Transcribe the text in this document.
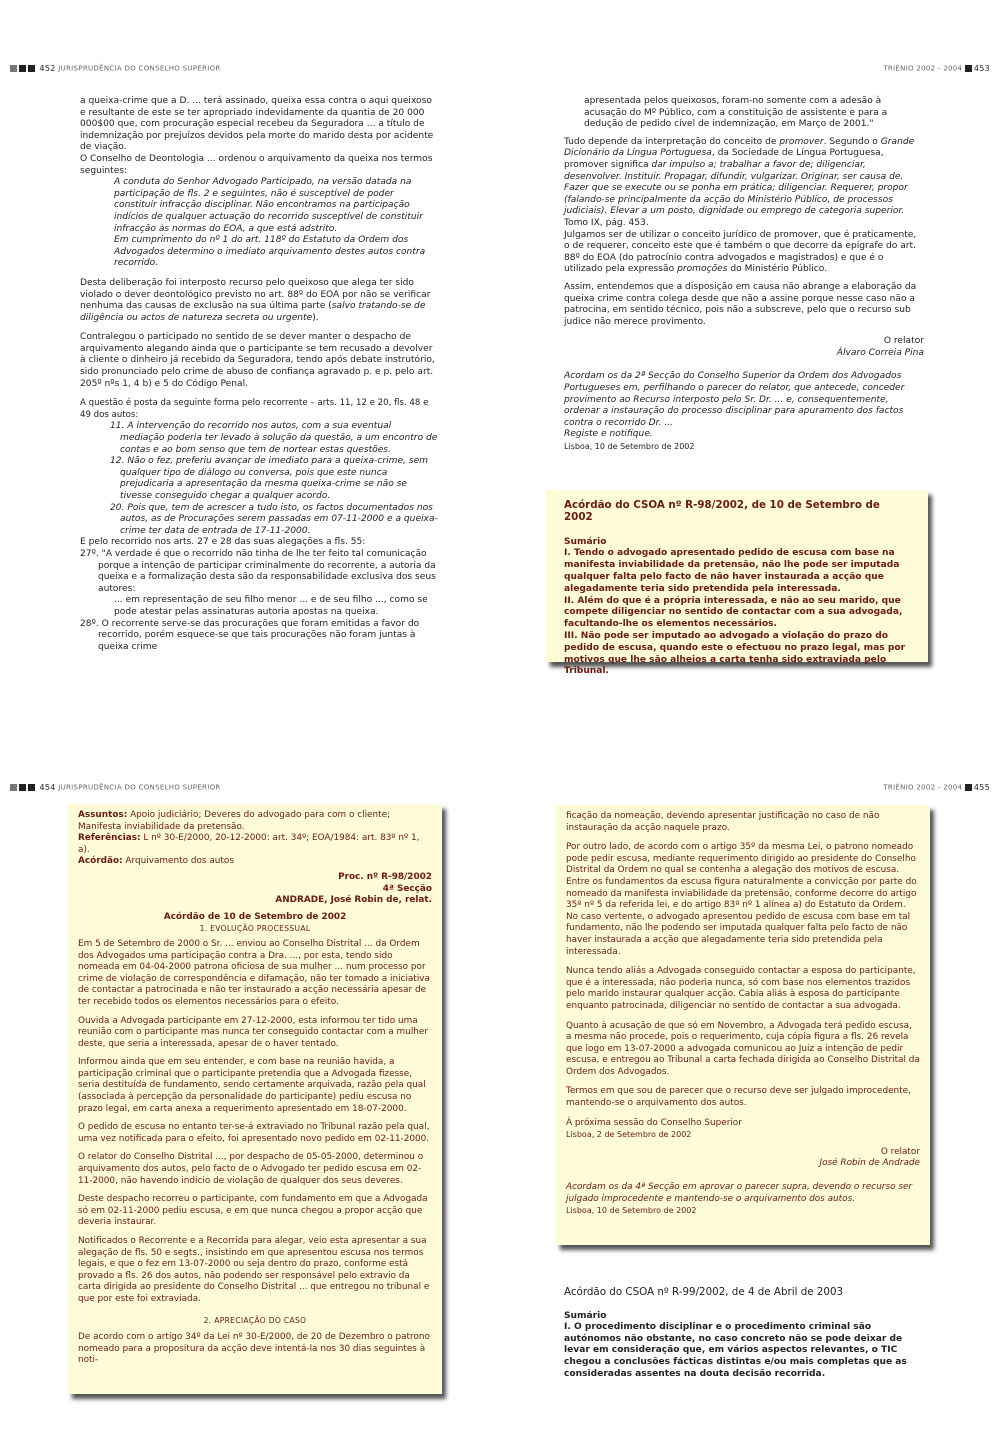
452 JURISPRUDÊNCIA DO CONSELHO SUPERIOR

a queixa-crime que a D. ... terá assinado, queixa essa contra o aqui queixoso e resultante de este se ter apropriado indevidamente da quantia de 20 000 000$00 que, com procuração especial recebeu da Seguradora ... a título de indemnização por prejuízos devidos pela morte do marido desta por acidente de viação.

O Conselho de Deontologia ... ordenou o arquivamento da queixa nos termos seguintes:

A conduta do Senhor Advogado Participado, na versão datada na participação de fls. 2 e seguintes, não é susceptível de poder constituir infracção disciplinar. Não encontramos na participação indícios de qualquer actuação do recorrido susceptível de constituir infracção às normas do EOA, a que está adstrito.

Em cumprimento do nº 1 do art. 118º do Estatuto da Ordem dos Advogados determino o imediato arquivamento destes autos contra recorrido.

Desta deliberação foi interposto recurso pelo queixoso que alega ter sido violado o dever deontológico previsto no art. 88º do EOA por não se verificar nenhuma das causas de exclusão na sua última parte (salvo tratando-se de diligência ou actos de natureza secreta ou urgente).

Contralegou o participado no sentido de se dever manter o despacho de arquivamento alegando ainda que o participante se tem recusado a devolver à cliente o dinheiro já recebido da Seguradora, tendo após debate instrutório, sido pronunciado pelo crime de abuso de confiança agravado p. e p. pelo art. 205º nºs 1, 4 b) e 5 do Código Penal.

A questão é posta da seguinte forma pelo recorrente – arts. 11, 12 e 20, fls. 48 e 49 dos autos:

11. A intervenção do recorrido nos autos, com a sua eventual mediação poderia ter levado à solução da questão, a um encontro de contas e ao bom senso que tem de nortear estas questões.

12. Não o fez, preferiu avançar de imediato para a queixa-crime, sem qualquer tipo de diálogo ou conversa, pois que este nunca prejudicaria a apresentação da mesma queixa-crime se não se tivesse conseguido chegar a qualquer acordo.

20. Pois que, tem de acrescer a tudo isto, os factos documentados nos autos, as de Procurações serem passadas em 07-11-2000 e a queixa-crime ter data de entrada de 17-11-2000.

E pelo recorrido nos arts. 27 e 28 das suas alegações a fls. 55:

27º. "A verdade é que o recorrido não tinha de lhe ter feito tal comunicação porque a intenção de participar criminalmente do recorrente, a autoria da queixa e a formalização desta são da responsabilidade exclusiva dos seus autores:

... em representação de seu filho menor ... e de seu filho ..., como se pode atestar pelas assinaturas autoria apostas na queixa.

28º. O recorrente serve-se das procurações que foram emitidas a favor do recorrido, porém esquece-se que tais procurações não foram juntas à queixa crime

TRIÉNIO 2002 - 2004 453

apresentada pelos queixosos, foram-no somente com a adesão à acusação do Mº Público, com a constituição de assistente e para a dedução de pedido cível de indemnização, em Março de 2001."

Tudo depende da interpretação do conceito de promover. Segundo o Grande Dicionário da Língua Portuguesa, da Sociedade de Língua Portuguesa, promover significa dar impulso a; trabalhar a favor de; diligenciar, desenvolver. Instituir. Propagar, difundir, vulgarizar. Originar, ser causa de. Fazer que se execute ou se ponha em prática; diligenciar. Requerer, propor (falando-se principalmente da acção do Ministério Público, de processos judiciais). Elevar a um posto, dignidade ou emprego de categoria superior. Tomo IX, pág. 453.

Julgamos ser de utilizar o conceito jurídico de promover, que é praticamente, o de requerer, conceito este que é também o que decorre da epígrafe do art. 88º do EOA (do patrocínio contra advogados e magistrados) e que é o utilizado pela expressão promoções do Ministério Público.

Assim, entendemos que a disposição em causa não abrange a elaboração da queixa crime contra colega desde que não a assine porque nesse caso não a patrocina, em sentido técnico, pois não a subscreve, pelo que o recurso sub judice não merece provimento.

O relator

Álvaro Correia Pina

Acordam os da 2ª Secção do Conselho Superior da Ordem dos Advogados Portugueses em, perfilhando o parecer do relator, que antecede, conceder provimento ao Recurso interposto pelo Sr. Dr. ... e, consequentemente, ordenar a instauração do processo disciplinar para apuramento dos factos contra o recorrido Dr. ...

Registe e notifique.

Lisboa, 10 de Setembro de 2002

Acórdão do CSOA nº R-98/2002, de 10 de Setembro de 2002

Sumário

I. Tendo o advogado apresentado pedido de escusa com base na manifesta inviabilidade da pretensão, não lhe pode ser imputada qualquer falta pelo facto de não haver instaurada a acção que alegadamente teria sido pretendida pela interessada.

II. Além do que é a própria interessada, e não ao seu marido, que compete diligenciar no sentido de contactar com a sua advogada, facultando-lhe os elementos necessários.

III. Não pode ser imputado ao advogado a violação do prazo do pedido de escusa, quando este o efectuou no prazo legal, mas por motivos que lhe são alheios a carta tenha sido extraviada pelo Tribunal.

454 JURISPRUDÊNCIA DO CONSELHO SUPERIOR

Assuntos: Apoio judiciário; Deveres do advogado para com o cliente; Manifesta inviabilidade da pretensão.

Referências: L nº 30-E/2000, 20-12-2000: art. 34º; EOA/1984: art. 83º nº 1, a).

Acórdão: Arquivamento dos autos

Proc. nº R-98/2002

4ª Secção

ANDRADE, José Robin de, relat.

Acórdão de 10 de Setembro de 2002

1. EVOLUÇÃO PROCESSUAL

Em 5 de Setembro de 2000 o Sr. ... enviou ao Conselho Distrital ... da Ordem dos Advogados uma participação contra a Dra. ..., por esta, tendo sido nomeada em 04-04-2000 patrona oficiosa de sua mulher ... num processo por crime de violação de correspondência e difamação, não ter tomado a iniciativa de contactar a patrocinada e não ter instaurado a acção necessária apesar de ter recebido todos os elementos necessários para o efeito.

Ouvida a Advogada participante em 27-12-2000, esta informou ter tido uma reunião com o participante mas nunca ter conseguido contactar com a mulher deste, que seria a interessada, apesar de o haver tentado.

Informou ainda que em seu entender, e com base na reunião havida, a participação criminal que o participante pretendia que a Advogada fizesse, seria destituída de fundamento, sendo certamente arquivada, razão pela qual (associada à percepção da personalidade do participante) pediu escusa no prazo legal, em carta anexa a requerimento apresentado em 18-07-2000.

O pedido de escusa no entanto ter-se-á extraviado no Tribunal razão pela qual, uma vez notificada para o efeito, foi apresentado novo pedido em 02-11-2000.

O relator do Conselho Distrital ..., por despacho de 05-05-2000, determinou o arquivamento dos autos, pelo facto de o Advogado ter pedido escusa em 02-11-2000, não havendo indício de violação de qualquer dos seus deveres.

Deste despacho recorreu o participante, com fundamento em que a Advogada só em 02-11-2000 pediu escusa, e em que nunca chegou a propor acção que deveria instaurar.

Notificados o Recorrente e a Recorrida para alegar, veio esta apresentar a sua alegação de fls. 50 e segts., insistindo em que apresentou escusa nos termos legais, e que o fez em 13-07-2000 ou seja dentro do prazo, conforme está provado a fls. 26 dos autos, não podendo ser responsável pelo extravio da carta dirigida ao presidente do Conselho Distrital ... que entregou no tribunal e que por este foi extraviada.

2. APRECIAÇÃO DO CASO

De acordo com o artigo 34º da Lei nº 30-E/2000, de 20 de Dezembro o patrono nomeado para a propositura da acção deve intentá-la nos 30 dias seguintes à noti-

TRIÉNIO 2002 - 2004 455

ficação da nomeação, devendo apresentar justificação no caso de não instauração da acção naquele prazo.

Por outro lado, de acordo com o artigo 35º da mesma Lei, o patrono nomeado pode pedir escusa, mediante requerimento dirigido ao presidente do Conselho Distrital da Ordem no qual se contenha a alegação dos motivos de escusa.

Entre os fundamentos da escusa figura naturalmente a convicção por parte do nomeado da manifesta inviabilidade da pretensão, conforme decorre do artigo 35º nº 5 da referida lei, e do artigo 83º nº 1 alínea a) do Estatuto da Ordem.

No caso vertente, o advogado apresentou pedido de escusa com base em tal fundamento, não lhe podendo ser imputada qualquer falta pelo facto de não haver instaurada a acção que alegadamente teria sido pretendida pela interessada.

Nunca tendo aliás a Advogada conseguido contactar a esposa do participante, que é a interessada, não poderia nunca, só com base nos elementos trazidos pelo marido instaurar qualquer acção. Cabia aliás à esposa do participante enquanto patrocinada, diligenciar no sentido de contactar a sua advogada.

Quanto à acusação de que só em Novembro, a Advogada terá pedido escusa, a mesma não procede, pois o requerimento, cuja cópia figura a fls. 26 revela que logo em 13-07-2000 a advogada comunicou ao Juiz a intenção de pedir escusa, e entregou ao Tribunal a carta fechada dirigida ao Conselho Distrital da Ordem dos Advogados.

Termos em que sou de parecer que o recurso deve ser julgado improcedente, mantendo-se o arquivamento dos autos.

À próxima sessão do Conselho Superior

Lisboa, 2 de Setembro de 2002

O relator

José Robin de Andrade

Acordam os da 4ª Secção em aprovar o parecer supra, devendo o recurso ser julgado improcedente e mantendo-se o arquivamento dos autos.

Lisboa, 10 de Setembro de 2002

Acórdão do CSOA nº R-99/2002, de 4 de Abril de 2003

Sumário

I. O procedimento disciplinar e o procedimento criminal são autónomos não obstante, no caso concreto não se pode deixar de levar em consideração que, em vários aspectos relevantes, o TIC chegou a conclusões fácticas distintas e/ou mais completas que as consideradas assentes na douta decisão recorrida.
